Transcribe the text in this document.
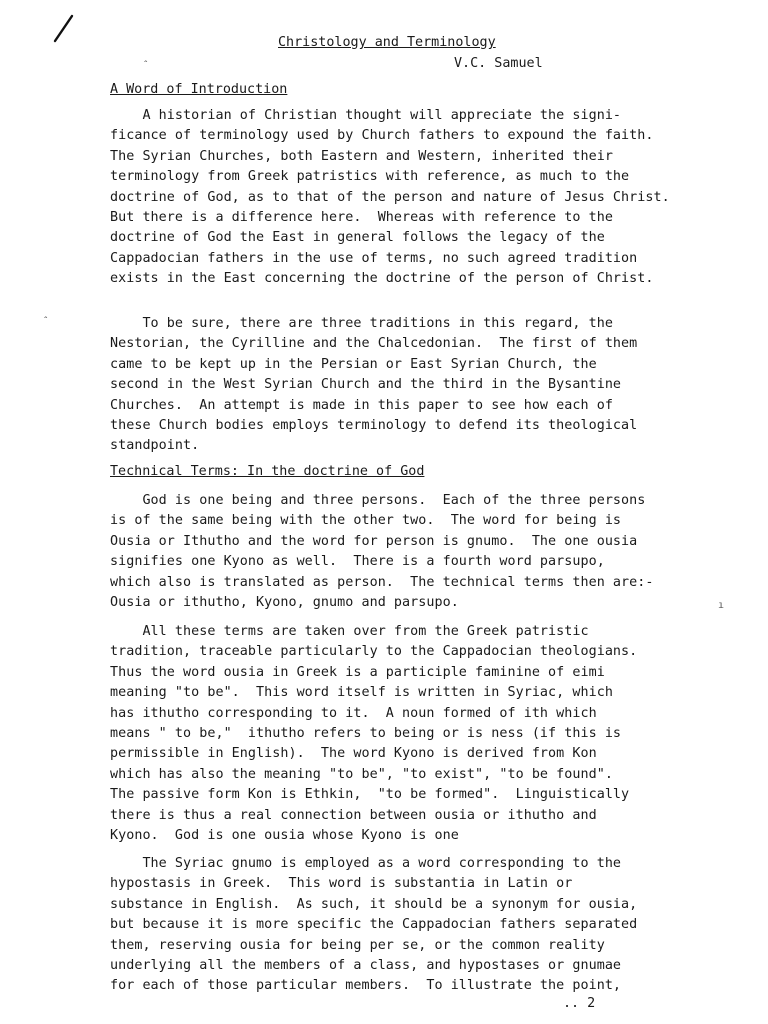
Christology and Terminology
V.C. Samuel
A Word of Introduction
A historian of Christian thought will appreciate the signi-
ficance of terminology used by Church fathers to expound the faith.
The Syrian Churches, both Eastern and Western, inherited their
terminology from Greek patristics with reference, as much to the
doctrine of God, as to that of the person and nature of Jesus Christ.
But there is a difference here.  Whereas with reference to the
doctrine of God the East in general follows the legacy of the
Cappadocian fathers in the use of terms, no such agreed tradition
exists in the East concerning the doctrine of the person of Christ.
To be sure, there are three traditions in this regard, the
Nestorian, the Cyrilline and the Chalcedonian.  The first of them
came to be kept up in the Persian or East Syrian Church, the
second in the West Syrian Church and the third in the Bysantine
Churches.  An attempt is made in this paper to see how each of
these Church bodies employs terminology to defend its theological
standpoint.
Technical Terms: In the doctrine of God
God is one being and three persons.  Each of the three persons
is of the same being with the other two.  The word for being is
Ousia or Ithutho and the word for person is gnumo.  The one ousia
signifies one Kyono as well.  There is a fourth word parsupo,
which also is translated as person.  The technical terms then are:-
Ousia or ithutho, Kyono, gnumo and parsupo.
All these terms are taken over from the Greek patristic
tradition, traceable particularly to the Cappadocian theologians.
Thus the word ousia in Greek is a participle faminine of eimi
meaning "to be".  This word itself is written in Syriac, which
has ithutho corresponding to it.  A noun formed of ith which
means " to be,"  ithutho refers to being or is ness (if this is
permissible in English).  The word Kyono is derived from Kon
which has also the meaning "to be", "to exist", "to be found".
The passive form Kon is Ethkin,  "to be formed".  Linguistically
there is thus a real connection between ousia or ithutho and
Kyono.  God is one ousia whose Kyono is one
The Syriac gnumo is employed as a word corresponding to the
hypostasis in Greek.  This word is substantia in Latin or
substance in English.  As such, it should be a synonym for ousia,
but because it is more specific the Cappadocian fathers separated
them, reserving ousia for being per se, or the common reality
underlying all the members of a class, and hypostases or gnumae
for each of those particular members.  To illustrate the point,
.. 2
ꞈ
ꞈ
ı
